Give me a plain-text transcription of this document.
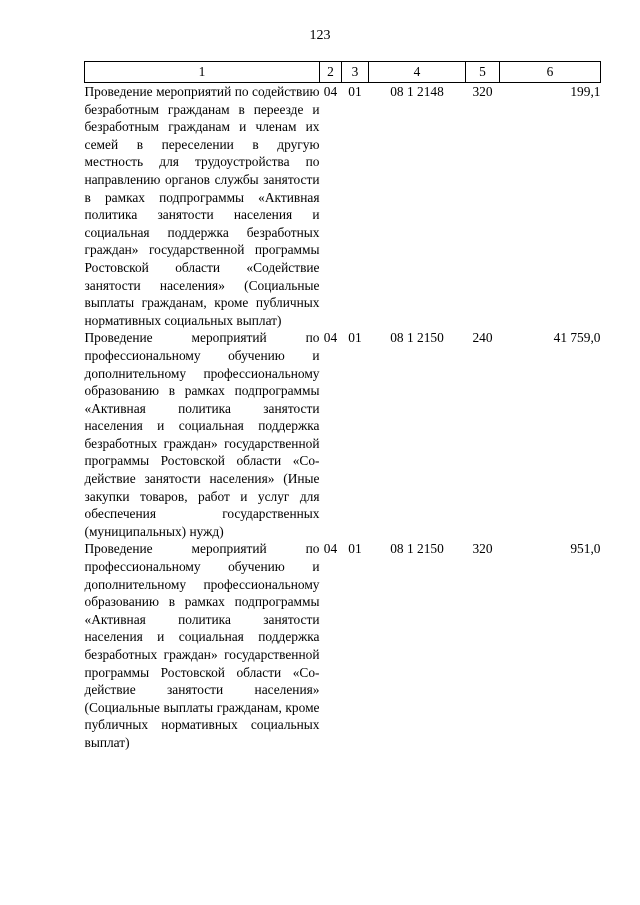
123
1	2	3	4	5	6
Проведение мероприятий по содействию безработным гражданам в переезде и безработным гражданам и членам их семей в переселении в другую местность для трудоустройства по направлению органов службы занятости в рамках подпрограммы «Активная политика занятости населения и социальная поддержка безработных граждан» государственной программы Ростовской области «Содействие занятости населения» (Социальные выплаты гражданам, кроме публичных нормативных социальных выплат)	04	01	08 1 2148	320	199,1
Проведение мероприятий по профессиональному обучению и дополнительному профессиональному образованию в рамках подпрограммы «Активная политика занятости населения и социальная поддержка безработных граждан» государственной программы Ростовской области «Содействие занятости населения» (Иные закупки товаров, работ и услуг для обеспечения государственных (муниципальных) нужд)	04	01	08 1 2150	240	41 759,0
Проведение мероприятий по профессиональному обучению и дополнительному профессиональному образованию в рамках подпрограммы «Активная политика занятости населения и социальная поддержка безработных граждан» государственной программы Ростовской области «Содействие занятости населения» (Социальные выплаты гражданам, кроме публичных нормативных социальных выплат)	04	01	08 1 2150	320	951,0
